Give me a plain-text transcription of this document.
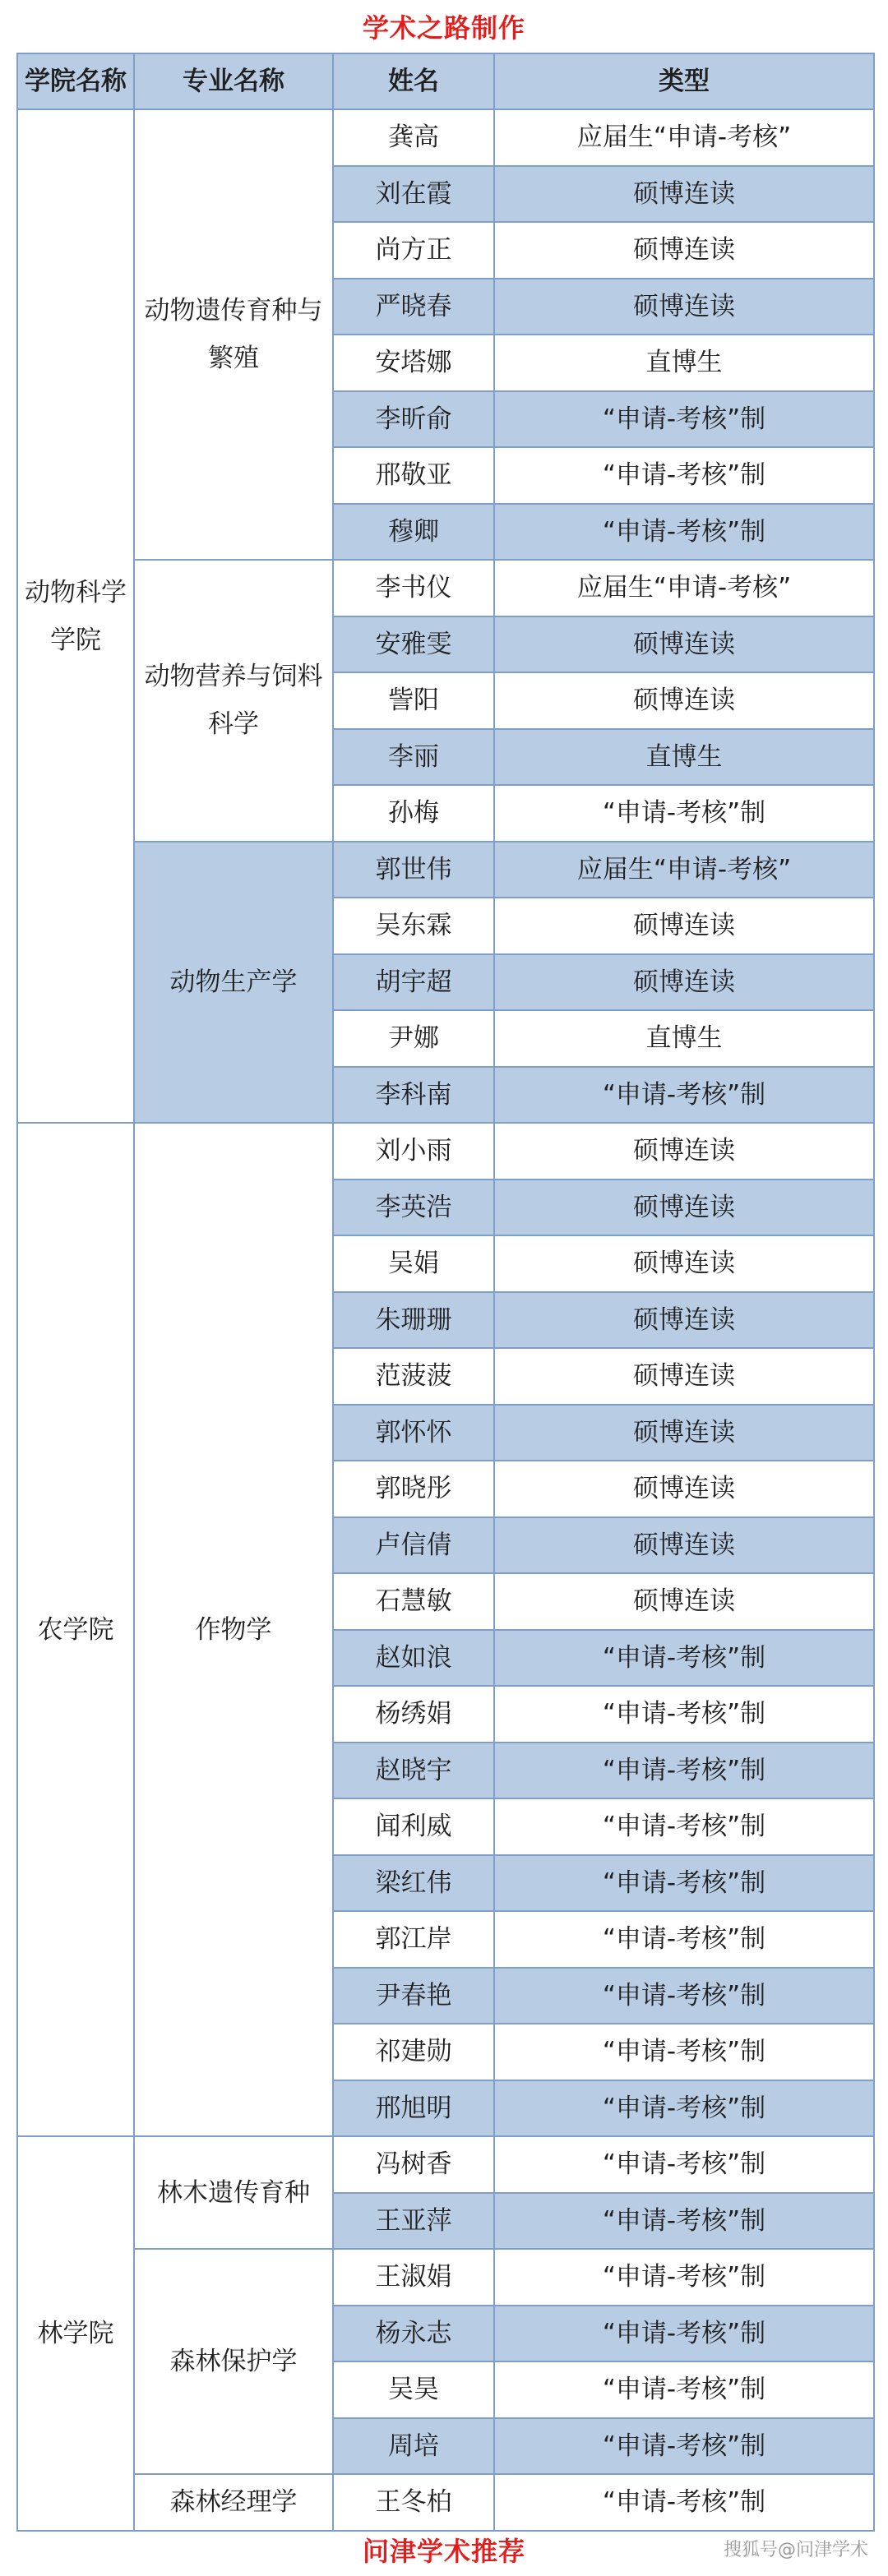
学术之路制作
学院名称	专业名称	姓名	类型
动物科学学院	动物遗传育种与繁殖	龚高	应届生“申请-考核”
		刘在霞	硕博连读
		尚方正	硕博连读
		严晓春	硕博连读
		安塔娜	直博生
		李昕俞	“申请-考核”制
		邢敬亚	“申请-考核”制
		穆卿	“申请-考核”制
	动物营养与饲料科学	李书仪	应届生“申请-考核”
		安雅雯	硕博连读
		訾阳	硕博连读
		李丽	直博生
		孙梅	“申请-考核”制
	动物生产学	郭世伟	应届生“申请-考核”
		吴东霖	硕博连读
		胡宇超	硕博连读
		尹娜	直博生
		李科南	“申请-考核”制
农学院	作物学	刘小雨	硕博连读
		李英浩	硕博连读
		吴娟	硕博连读
		朱珊珊	硕博连读
		范菠菠	硕博连读
		郭怀怀	硕博连读
		郭晓彤	硕博连读
		卢信倩	硕博连读
		石慧敏	硕博连读
		赵如浪	“申请-考核”制
		杨绣娟	“申请-考核”制
		赵晓宇	“申请-考核”制
		闻利威	“申请-考核”制
		梁红伟	“申请-考核”制
		郭江岸	“申请-考核”制
		尹春艳	“申请-考核”制
		祁建勋	“申请-考核”制
		邢旭明	“申请-考核”制
林学院	林木遗传育种	冯树香	“申请-考核”制
		王亚萍	“申请-考核”制
	森林保护学	王淑娟	“申请-考核”制
		杨永志	“申请-考核”制
		吴昊	“申请-考核”制
		周培	“申请-考核”制
	森林经理学	王冬柏	“申请-考核”制
问津学术推荐	搜狐号@问津学术
